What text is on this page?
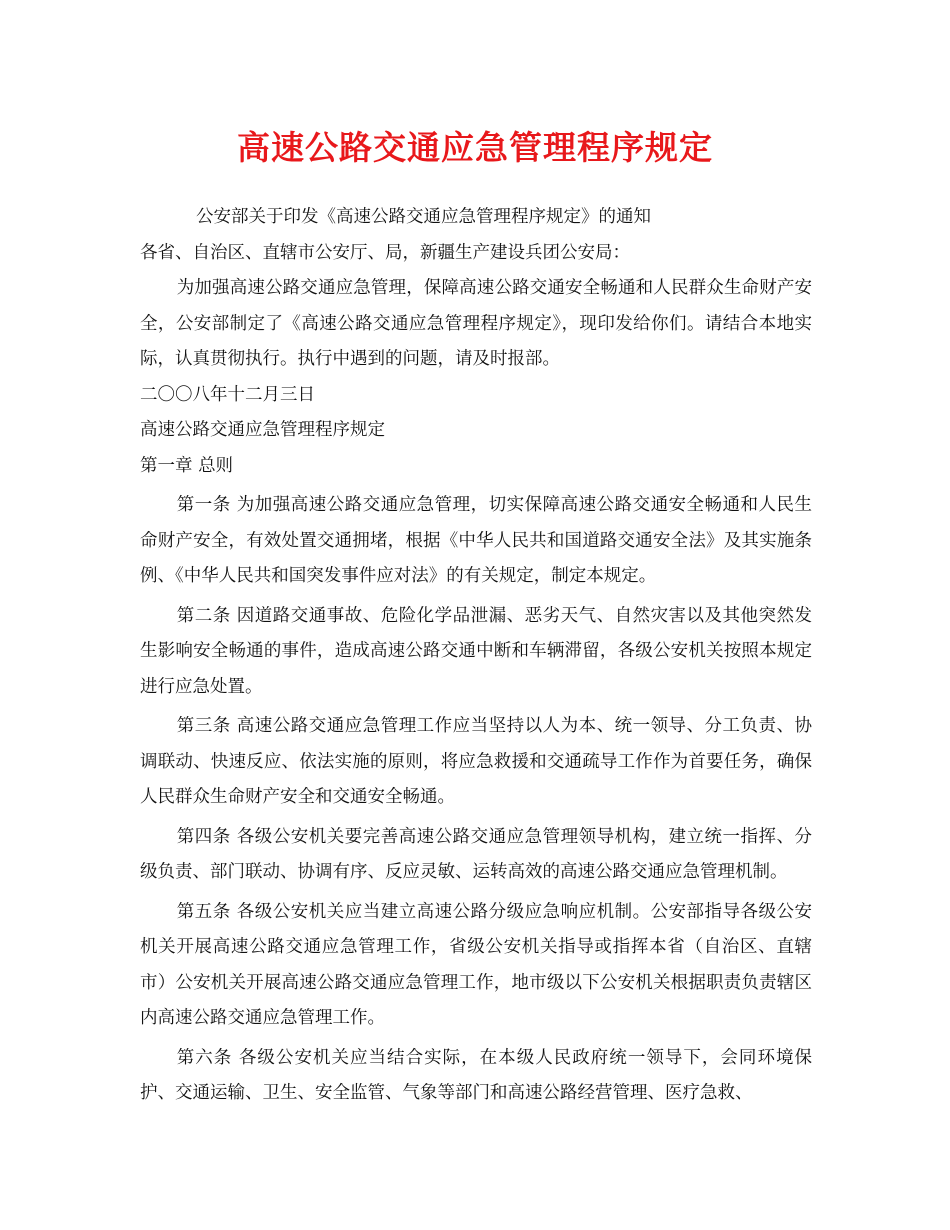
高速公路交通应急管理程序规定

公安部关于印发《高速公路交通应急管理程序规定》的通知

各省、自治区、直辖市公安厅、局，新疆生产建设兵团公安局：

为加强高速公路交通应急管理，保障高速公路交通安全畅通和人民群众生命财产安全，公安部制定了《高速公路交通应急管理程序规定》，现印发给你们。请结合本地实际，认真贯彻执行。执行中遇到的问题，请及时报部。

二〇〇八年十二月三日

高速公路交通应急管理程序规定

第一章 总则

第一条 为加强高速公路交通应急管理，切实保障高速公路交通安全畅通和人民生命财产安全，有效处置交通拥堵，根据《中华人民共和国道路交通安全法》及其实施条例、《中华人民共和国突发事件应对法》的有关规定，制定本规定。

第二条 因道路交通事故、危险化学品泄漏、恶劣天气、自然灾害以及其他突然发生影响安全畅通的事件，造成高速公路交通中断和车辆滞留，各级公安机关按照本规定进行应急处置。

第三条 高速公路交通应急管理工作应当坚持以人为本、统一领导、分工负责、协调联动、快速反应、依法实施的原则，将应急救援和交通疏导工作作为首要任务，确保人民群众生命财产安全和交通安全畅通。

第四条 各级公安机关要完善高速公路交通应急管理领导机构，建立统一指挥、分级负责、部门联动、协调有序、反应灵敏、运转高效的高速公路交通应急管理机制。

第五条 各级公安机关应当建立高速公路分级应急响应机制。公安部指导各级公安机关开展高速公路交通应急管理工作，省级公安机关指导或指挥本省（自治区、直辖市）公安机关开展高速公路交通应急管理工作，地市级以下公安机关根据职责负责辖区内高速公路交通应急管理工作。

第六条 各级公安机关应当结合实际，在本级人民政府统一领导下，会同环境保护、交通运输、卫生、安全监管、气象等部门和高速公路经营管理、医疗急救、
